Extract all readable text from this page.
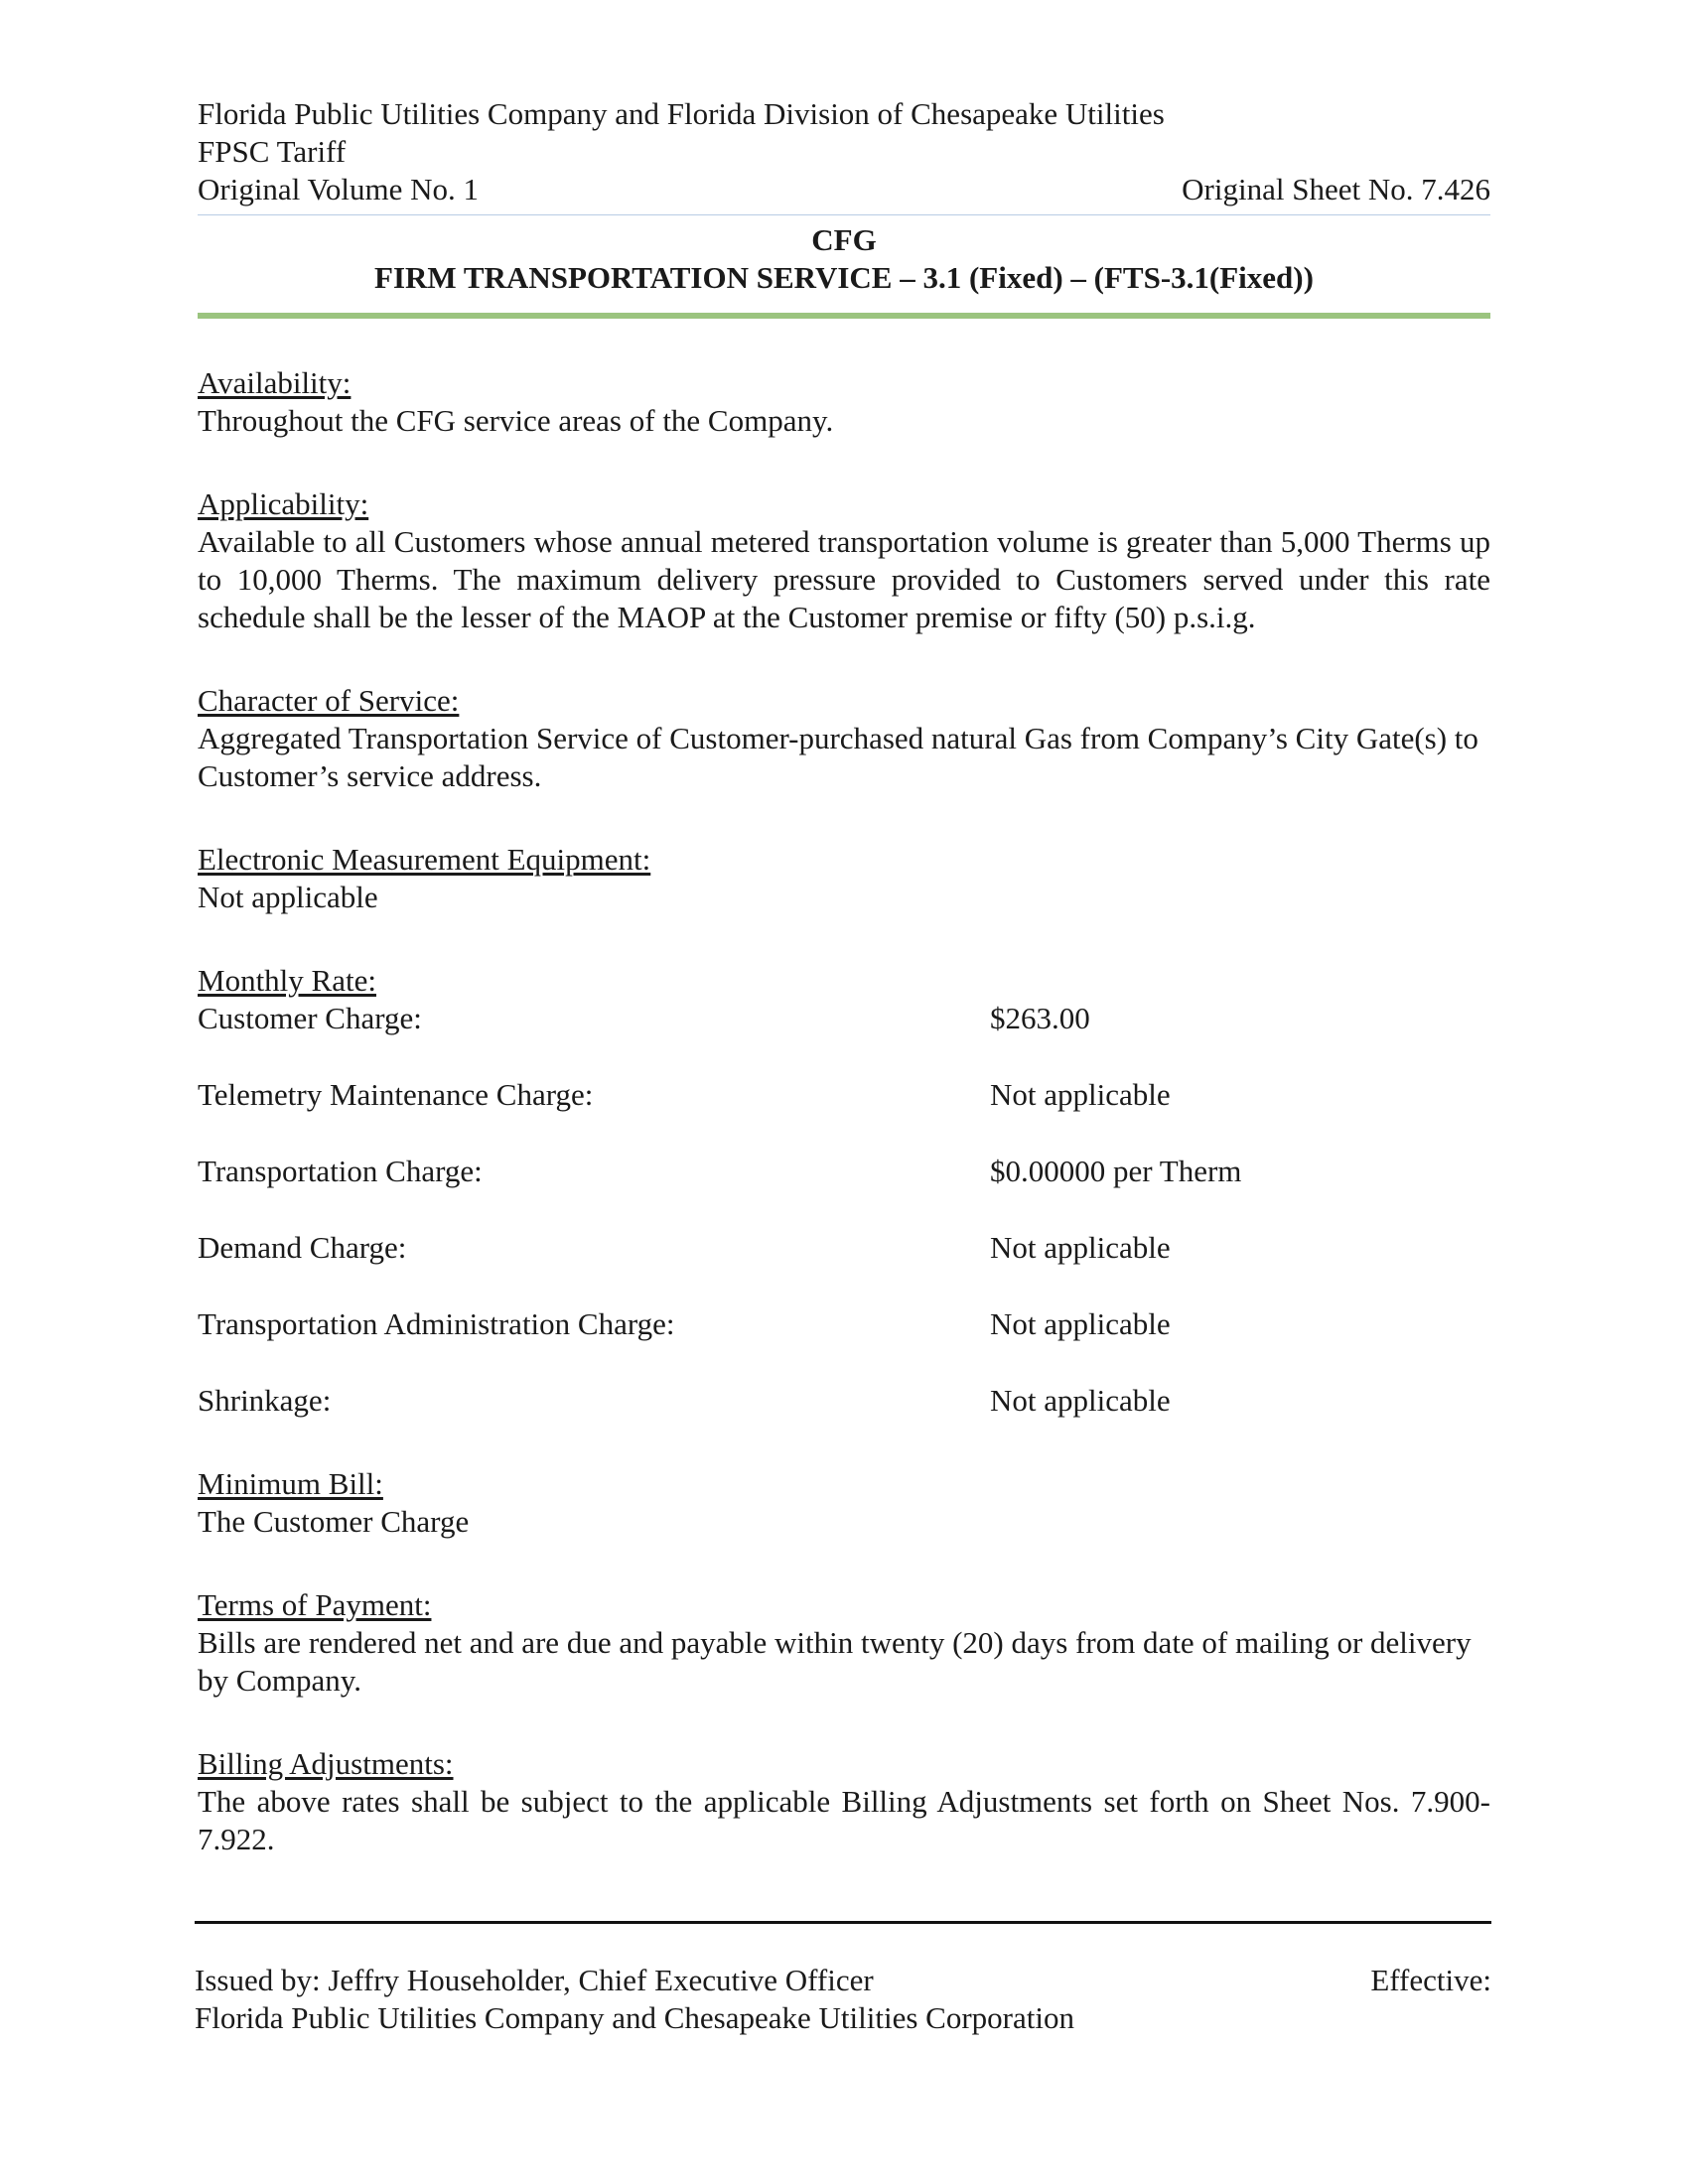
Florida Public Utilities Company and Florida Division of Chesapeake Utilities
FPSC Tariff
Original Volume No. 1	Original Sheet No. 7.426
CFG
FIRM TRANSPORTATION SERVICE – 3.1 (Fixed) – (FTS-3.1(Fixed))
Availability:
Throughout the CFG service areas of the Company.
Applicability:
Available to all Customers whose annual metered transportation volume is greater than 5,000 Therms up to 10,000 Therms. The maximum delivery pressure provided to Customers served under this rate schedule shall be the lesser of the MAOP at the Customer premise or fifty (50) p.s.i.g.
Character of Service:
Aggregated Transportation Service of Customer-purchased natural Gas from Company’s City Gate(s) to Customer’s service address.
Electronic Measurement Equipment:
Not applicable
Monthly Rate:
Customer Charge:	$263.00
Telemetry Maintenance Charge:	Not applicable
Transportation Charge:	$0.00000 per Therm
Demand Charge:	Not applicable
Transportation Administration Charge:	Not applicable
Shrinkage:	Not applicable
Minimum Bill:
The Customer Charge
Terms of Payment:
Bills are rendered net and are due and payable within twenty (20) days from date of mailing or delivery by Company.
Billing Adjustments:
The above rates shall be subject to the applicable Billing Adjustments set forth on Sheet Nos. 7.900-7.922.
Issued by: Jeffry Householder, Chief Executive Officer	Effective:
Florida Public Utilities Company and Chesapeake Utilities Corporation
